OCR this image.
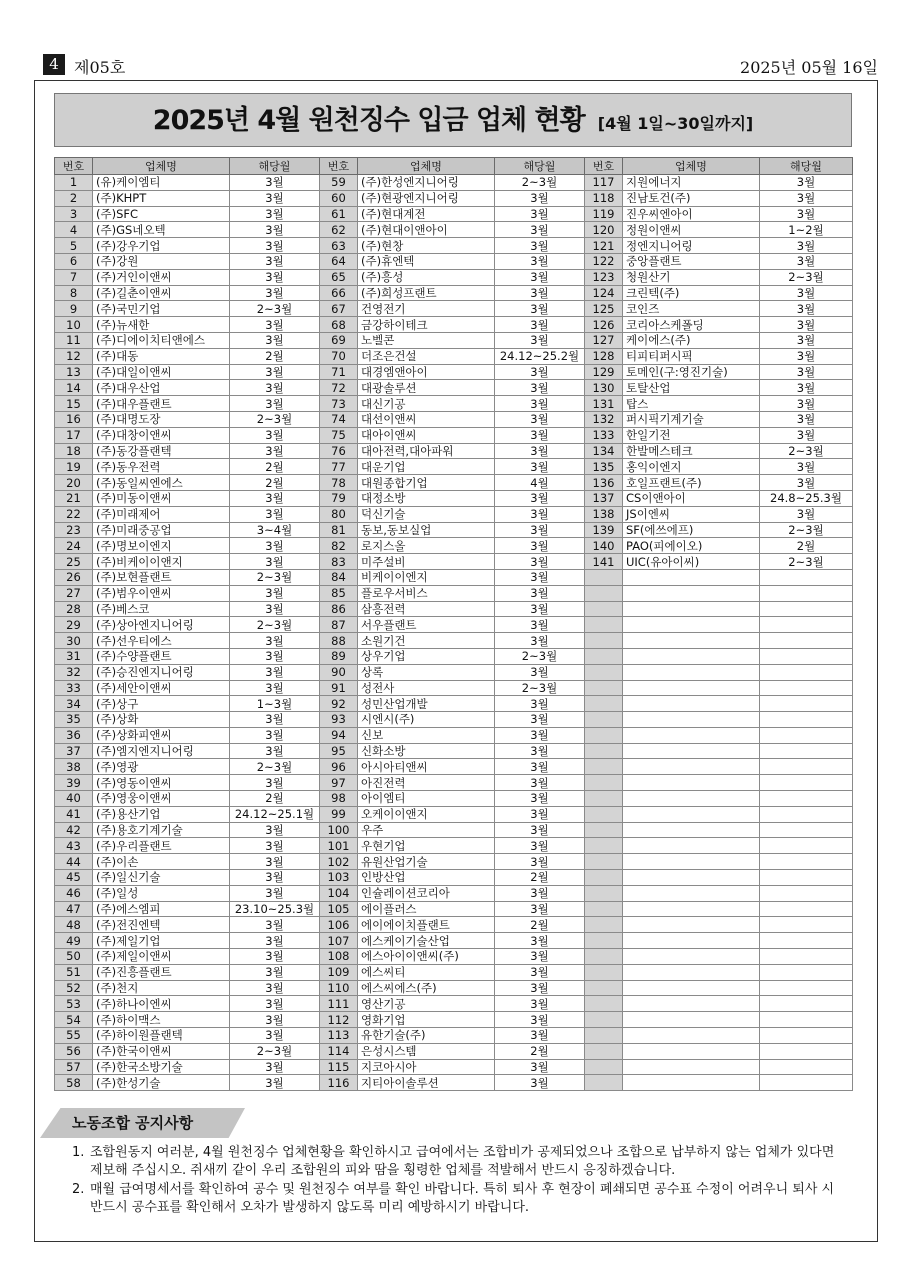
4 제05호	2025년 05월 16일
2025년 4월 원천징수 입금 업체 현황 [4월 1일~30일까지]
번호	업체명	해당월	번호	업체명	해당월	번호	업체명	해당월
1	(유)케이엠티	3월	59	(주)한성엔지니어링	2~3월	117	지원에너지	3월
2	(주)KHPT	3월	60	(주)현광엔지니어링	3월	118	진남토건(주)	3월
3	(주)SFC	3월	61	(주)현대계전	3월	119	진우씨엔아이	3월
4	(주)GS네오텍	3월	62	(주)현대이앤아이	3월	120	정원이앤씨	1~2월
5	(주)강우기업	3월	63	(주)현창	3월	121	정엔지니어링	3월
6	(주)강원	3월	64	(주)휴엔텍	3월	122	중앙플랜트	3월
7	(주)거인이앤씨	3월	65	(주)흥성	3월	123	청원산기	2~3월
8	(주)길춘이앤씨	3월	66	(주)희성프랜트	3월	124	크린텍(주)	3월
9	(주)국민기업	2~3월	67	건영전기	3월	125	코인즈	3월
10	(주)뉴새한	3월	68	금강하이테크	3월	126	코리아스케폴딩	3월
11	(주)디에이치티앤에스	3월	69	노벨콘	3월	127	케이에스(주)	3월
12	(주)대동	2월	70	더조은건설	24.12~25.2월	128	티피티퍼시픽	3월
13	(주)대일이앤씨	3월	71	대경엠앤아이	3월	129	토메인(구:영진기술)	3월
14	(주)대우산업	3월	72	대광솔루션	3월	130	토탈산업	3월
15	(주)대우플랜트	3월	73	대신기공	3월	131	탑스	3월
16	(주)대명도장	2~3월	74	대선이앤씨	3월	132	퍼시픽기계기술	3월
17	(주)대창이앤씨	3월	75	대아이앤씨	3월	133	한일기전	3월
18	(주)동강플랜텍	3월	76	대아전력,대아파워	3월	134	한발메스테크	2~3월
19	(주)동우전력	2월	77	대운기업	3월	135	홍익이엔지	3월
20	(주)동일씨엔에스	2월	78	대원종합기업	4월	136	호일프랜트(주)	3월
21	(주)미동이앤씨	3월	79	대정소방	3월	137	CS이앤아이	24.8~25.3월
22	(주)미래제어	3월	80	덕신기술	3월	138	JS이엔씨	3월
23	(주)미래중공업	3~4월	81	동보,동보실업	3월	139	SF(에쓰에프)	2~3월
24	(주)명보이엔지	3월	82	로지스올	3월	140	PAO(피에이오)	2월
25	(주)비케이이앤지	3월	83	미주설비	3월	141	UIC(유아이씨)	2~3월
26	(주)보현플랜트	2~3월	84	비케이이엔지	3월			
27	(주)범우이앤씨	3월	85	플로우서비스	3월			
28	(주)베스코	3월	86	삼흥전력	3월			
29	(주)상아엔지니어링	2~3월	87	서우플랜트	3월			
30	(주)선우티에스	3월	88	소원기건	3월			
31	(주)수양플랜트	3월	89	상우기업	2~3월			
32	(주)승진엔지니어링	3월	90	상록	3월			
33	(주)세안이앤씨	3월	91	성전사	2~3월			
34	(주)상구	1~3월	92	성민산업개발	3월			
35	(주)상화	3월	93	시엔시(주)	3월			
36	(주)상화피앤씨	3월	94	신보	3월			
37	(주)엠지엔지니어링	3월	95	신화소방	3월			
38	(주)영광	2~3월	96	아시아티앤씨	3월			
39	(주)영동이앤씨	3월	97	아진전력	3월			
40	(주)영웅이앤씨	2월	98	아이엠티	3월			
41	(주)용산기업	24.12~25.1월	99	오케이이앤지	3월			
42	(주)용호기계기술	3월	100	우주	3월			
43	(주)우리플랜트	3월	101	우현기업	3월			
44	(주)이손	3월	102	유원산업기술	3월			
45	(주)일신기술	3월	103	인방산업	2월			
46	(주)일성	3월	104	인슐레이션코리아	3월			
47	(주)에스엠피	23.10~25.3월	105	에이플러스	3월			
48	(주)전진엔텍	3월	106	에이에이치플랜트	2월			
49	(주)제일기업	3월	107	에스케이기술산업	3월			
50	(주)제일이앤씨	3월	108	에스아이이앤씨(주)	3월			
51	(주)진흥플랜트	3월	109	에스씨티	3월			
52	(주)천지	3월	110	에스씨에스(주)	3월			
53	(주)하나이엔씨	3월	111	영산기공	3월			
54	(주)하이맥스	3월	112	영화기업	3월			
55	(주)하이원플랜텍	3월	113	유한기술(주)	3월			
56	(주)한국이앤씨	2~3월	114	은성시스템	2월			
57	(주)한국소방기술	3월	115	지코아시아	3월			
58	(주)한성기술	3월	116	지티아이솔루션	3월			
노동조합 공지사항
1. 조합원동지 여러분, 4월 원천징수 업체현황을 확인하시고 급여에서는 조합비가 공제되었으나 조합으로 납부하지 않는 업체가 있다면 제보해 주십시오. 쥐새끼 같이 우리 조합원의 피와 땀을 횡령한 업체를 적발해서 반드시 응징하겠습니다.
2. 매월 급여명세서를 확인하여 공수 및 원천징수 여부를 확인 바랍니다. 특히 퇴사 후 현장이 폐쇄되면 공수표 수정이 어려우니 퇴사 시 반드시 공수표를 확인해서 오차가 발생하지 않도록 미리 예방하시기 바랍니다.
